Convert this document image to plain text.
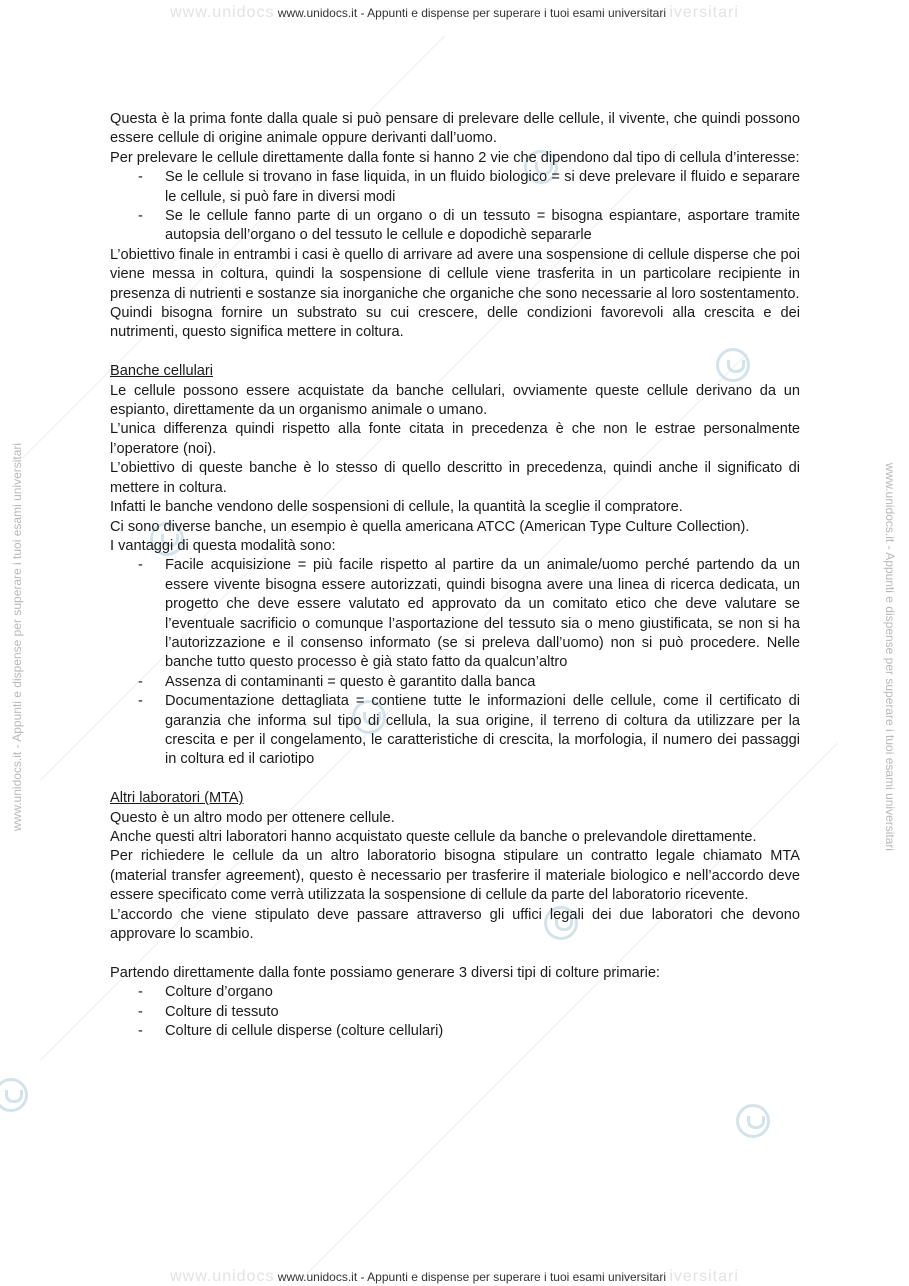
www.unidocs www.unidocs.it - Appunti e dispense per superare i tuoi esami universitari iversitari
www.unidocs.it - Appunti e dispense per superare i tuoi esami universitari	www.unidocs.it - Appunti e dispense per superare i tuoi esami universitari

Questa è la prima fonte dalla quale si può pensare di prelevare delle cellule, il vivente, che quindi possono essere cellule di origine animale oppure derivanti dall’uomo.

Per prelevare le cellule direttamente dalla fonte si hanno 2 vie che dipendono dal tipo di cellula d’interesse:

- Se le cellule si trovano in fase liquida, in un fluido biologico = si deve prelevare il fluido e separare le cellule, si può fare in diversi modi
- Se le cellule fanno parte di un organo o di un tessuto = bisogna espiantare, asportare tramite autopsia dell’organo o del tessuto le cellule e dopodichè separarle

L’obiettivo finale in entrambi i casi è quello di arrivare ad avere una sospensione di cellule disperse che poi viene messa in coltura, quindi la sospensione di cellule viene trasferita in un particolare recipiente in presenza di nutrienti e sostanze sia inorganiche che organiche che sono necessarie al loro sostentamento.

Quindi bisogna fornire un substrato su cui crescere, delle condizioni favorevoli alla crescita e dei nutrimenti, questo significa mettere in coltura.

Banche cellulari

Le cellule possono essere acquistate da banche cellulari, ovviamente queste cellule derivano da un espianto, direttamente da un organismo animale o umano.

L’unica differenza quindi rispetto alla fonte citata in precedenza è che non le estrae personalmente l’operatore (noi).

L’obiettivo di queste banche è lo stesso di quello descritto in precedenza, quindi anche il significato di mettere in coltura.

Infatti le banche vendono delle sospensioni di cellule, la quantità la sceglie il compratore.

Ci sono diverse banche, un esempio è quella americana ATCC (American Type Culture Collection).

I vantaggi di questa modalità sono:

- Facile acquisizione = più facile rispetto al partire da un animale/uomo perché partendo da un essere vivente bisogna essere autorizzati, quindi bisogna avere una linea di ricerca dedicata, un progetto che deve essere valutato ed approvato da un comitato etico che deve valutare se l’eventuale sacrificio o comunque l’asportazione del tessuto sia o meno giustificata, se non si ha l’autorizzazione e il consenso informato (se si preleva dall’uomo) non si può procedere. Nelle banche tutto questo processo è già stato fatto da qualcun’altro
- Assenza di contaminanti = questo è garantito dalla banca
- Documentazione dettagliata = contiene tutte le informazioni delle cellule, come il certificato di garanzia che informa sul tipo di cellula, la sua origine, il terreno di coltura da utilizzare per la crescita e per il congelamento, le caratteristiche di crescita, la morfologia, il numero dei passaggi in coltura ed il cariotipo

Altri laboratori (MTA)

Questo è un altro modo per ottenere cellule.

Anche questi altri laboratori hanno acquistato queste cellule da banche o prelevandole direttamente.

Per richiedere le cellule da un altro laboratorio bisogna stipulare un contratto legale chiamato MTA (material transfer agreement), questo è necessario per trasferire il materiale biologico e nell’accordo deve essere specificato come verrà utilizzata la sospensione di cellule da parte del laboratorio ricevente.

L’accordo che viene stipulato deve passare attraverso gli uffici legali dei due laboratori che devono approvare lo scambio.

Partendo direttamente dalla fonte possiamo generare 3 diversi tipi di colture primarie:

- Colture d’organo
- Colture di tessuto
- Colture di cellule disperse (colture cellulari)
www.unidocs www.unidocs.it - Appunti e dispense per superare i tuoi esami universitari iversitari
